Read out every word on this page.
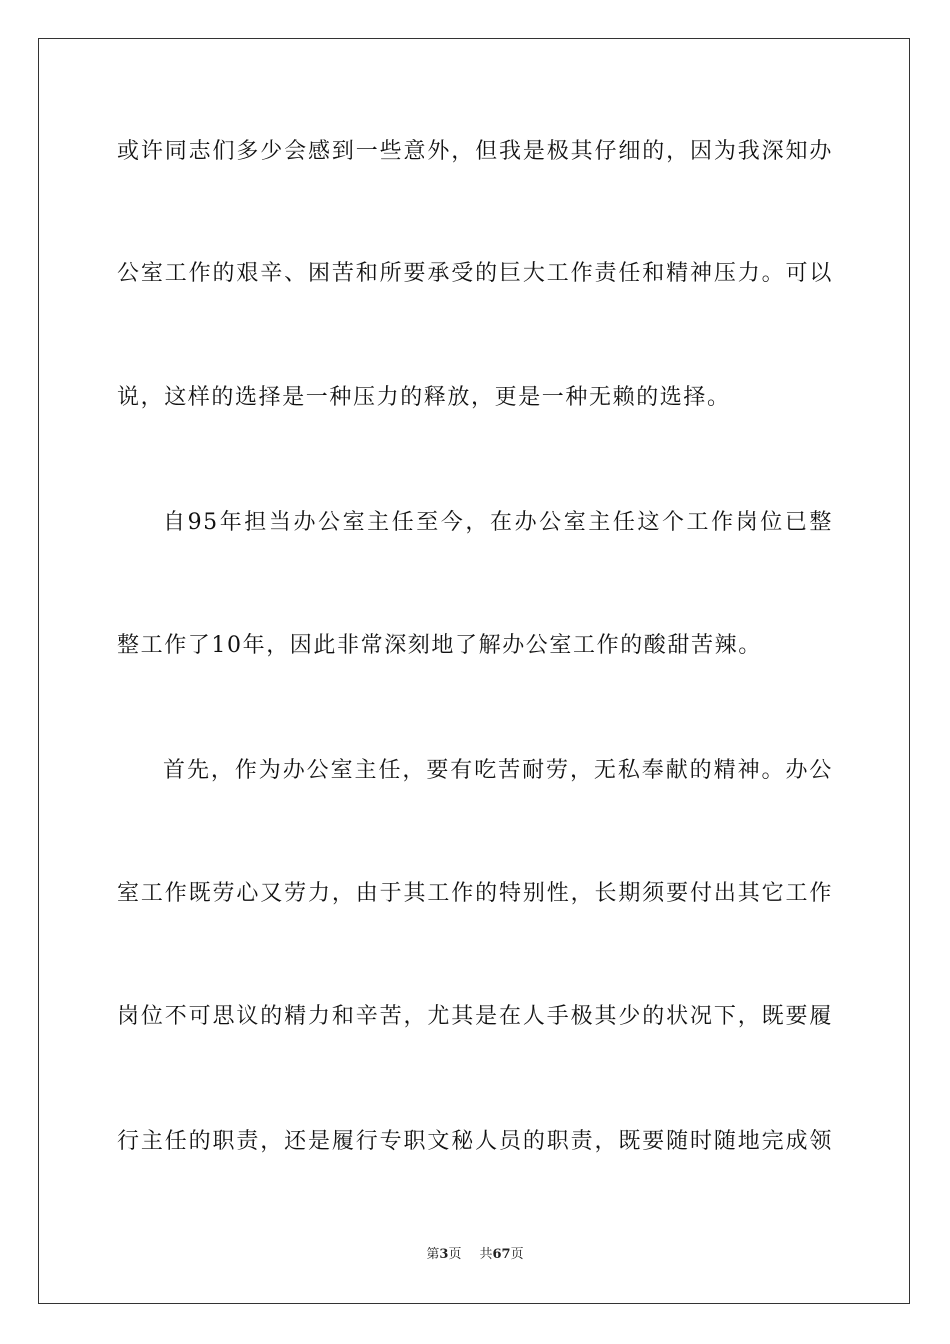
或许同志们多少会感到一些意外，但我是极其仔细的，因为我深知办
公室工作的艰辛、困苦和所要承受的巨大工作责任和精神压力。可以
说，这样的选择是一种压力的释放，更是一种无赖的选择。
自95年担当办公室主任至今，在办公室主任这个工作岗位已整
整工作了10年，因此非常深刻地了解办公室工作的酸甜苦辣。
首先，作为办公室主任，要有吃苦耐劳，无私奉献的精神。办公
室工作既劳心又劳力，由于其工作的特别性，长期须要付出其它工作
岗位不可思议的精力和辛苦，尤其是在人手极其少的状况下，既要履
行主任的职责，还是履行专职文秘人员的职责，既要随时随地完成领
第3页 共67页
